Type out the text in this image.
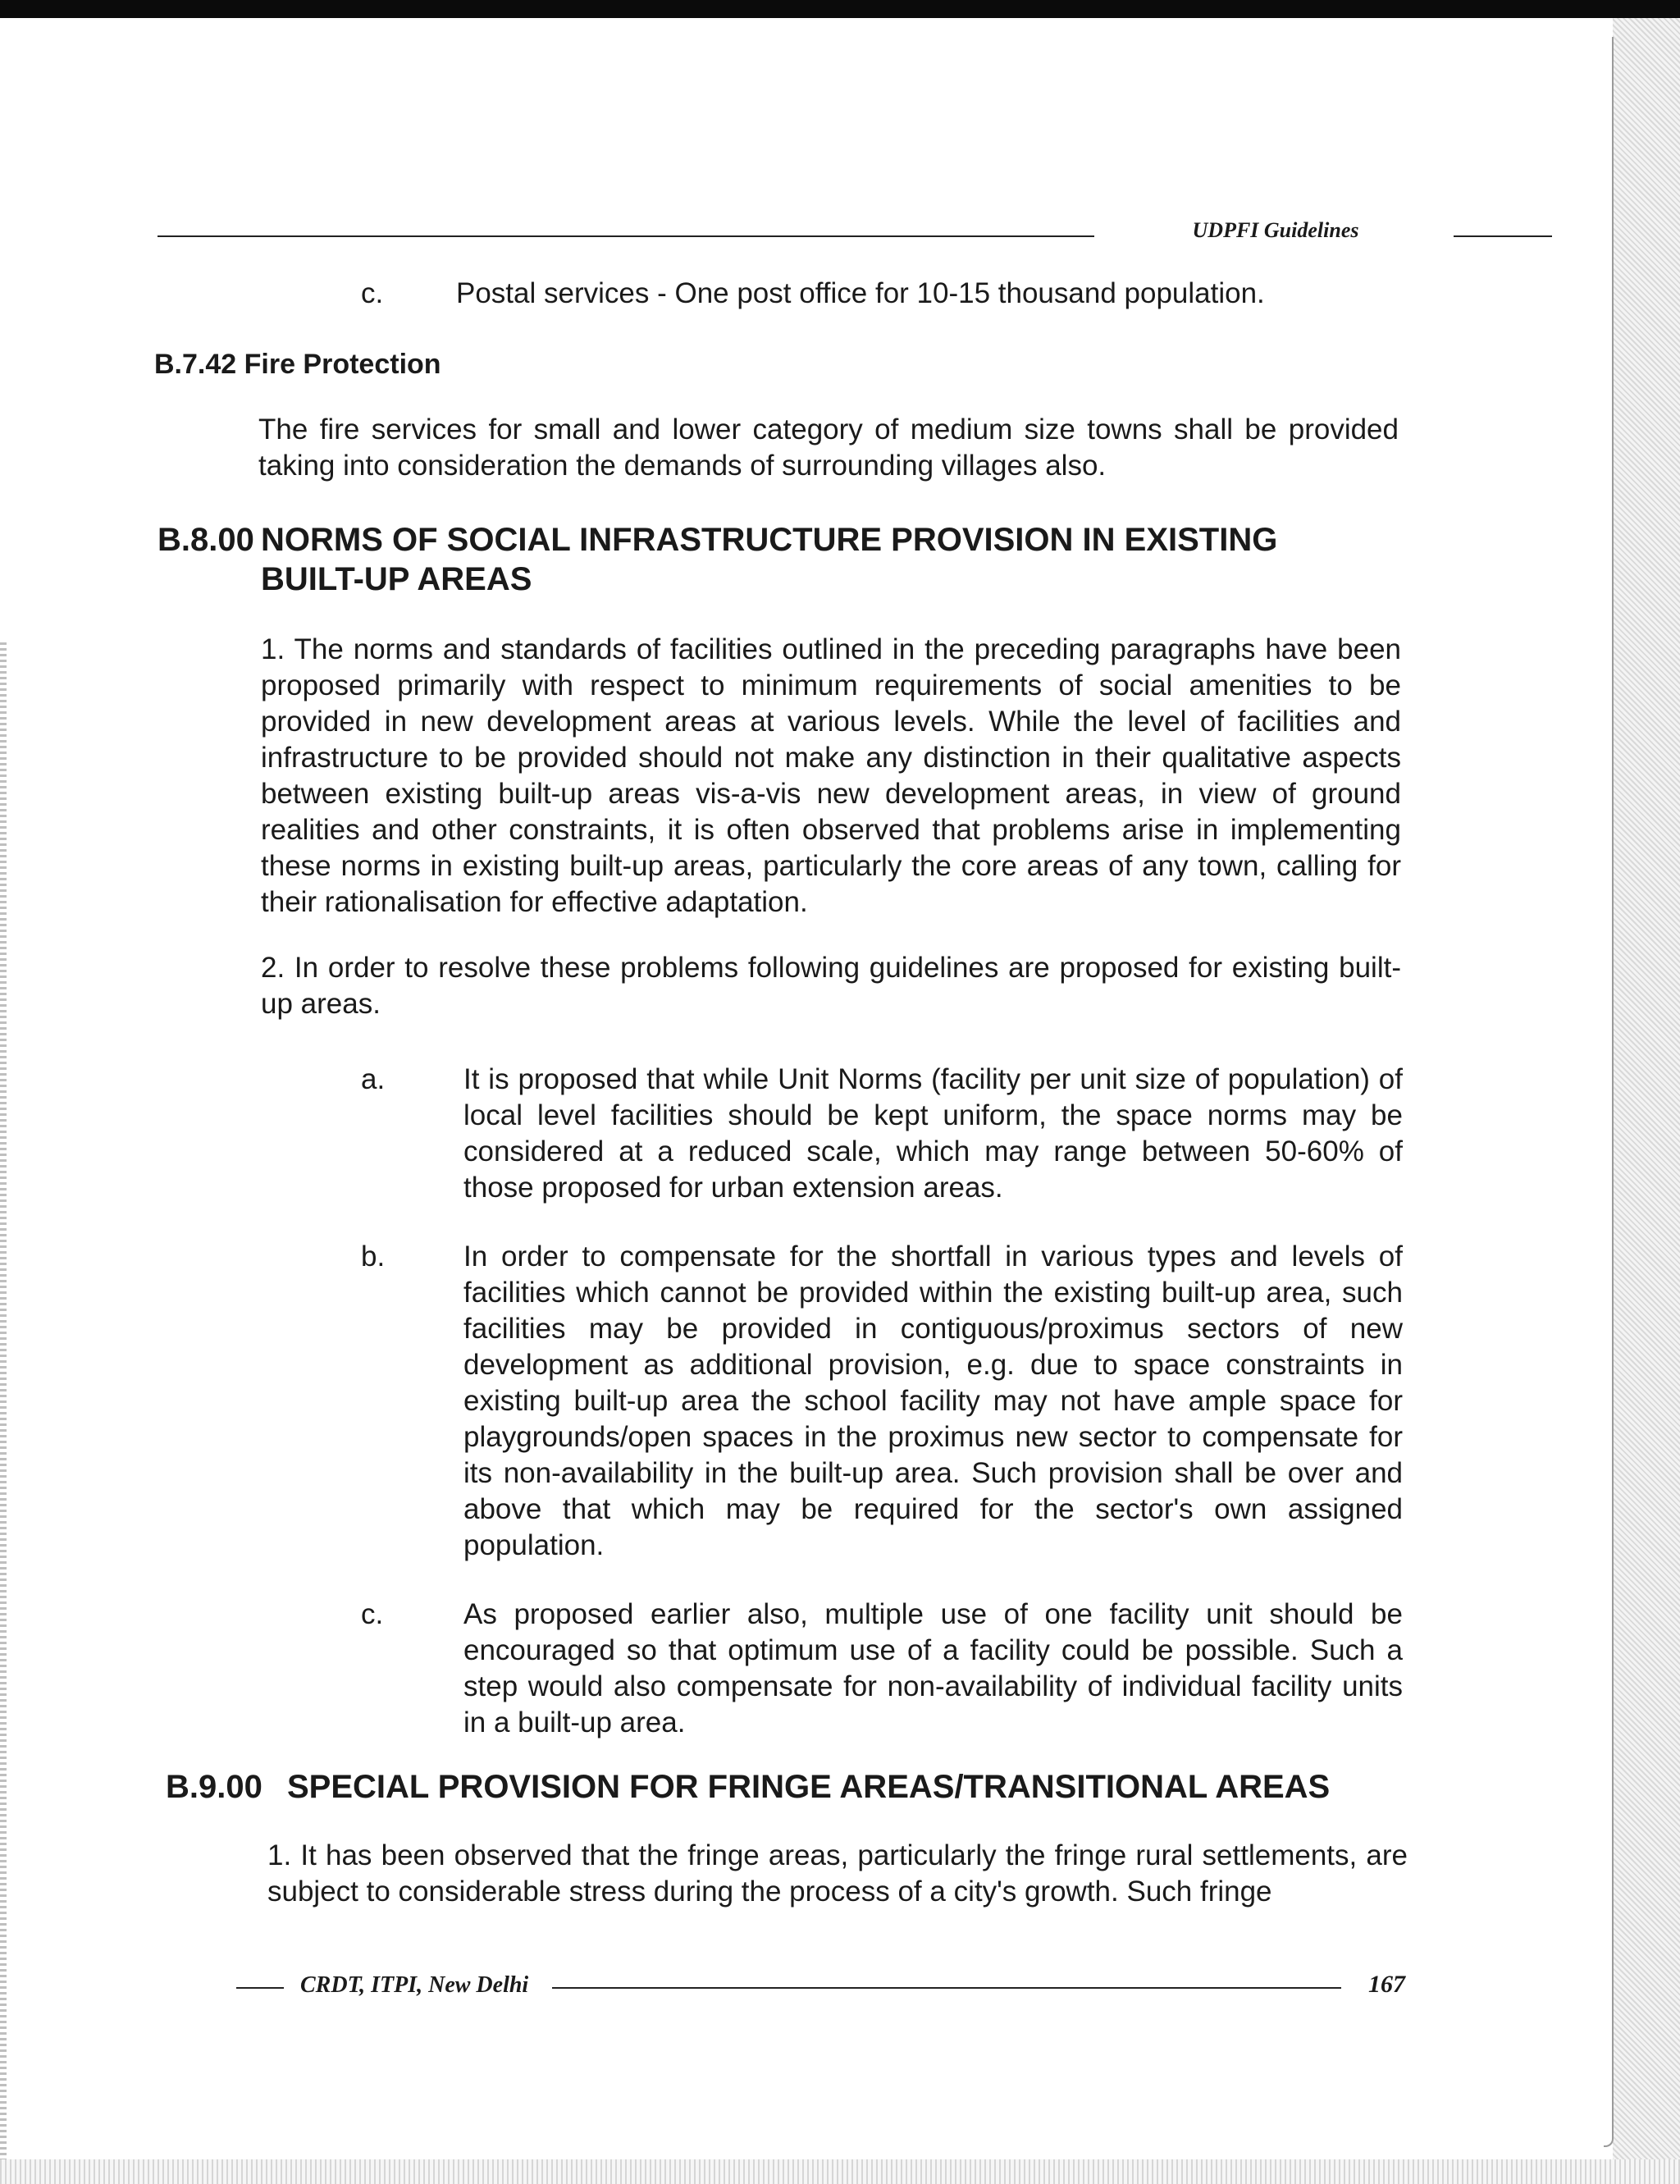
UDPFI Guidelines
c.	Postal services - One post office for 10-15 thousand population.
B.7.42 Fire Protection
The fire services for small and lower category of medium size towns shall be provided taking into consideration the demands of surrounding villages also.
B.8.00 NORMS OF SOCIAL INFRASTRUCTURE PROVISION IN EXISTING
BUILT-UP AREAS
1. The norms and standards of facilities outlined in the preceding paragraphs have been proposed primarily with respect to minimum requirements of social amenities to be provided in new development areas at various levels. While the level of facilities and infrastructure to be provided should not make any distinction in their qualitative aspects between existing built-up areas vis-a-vis new development areas, in view of ground realities and other constraints, it is often observed that problems arise in implementing these norms in existing built-up areas, particularly the core areas of any town, calling for their rationalisation for effective adaptation.
2. In order to resolve these problems following guidelines are proposed for existing built-up areas.
a.	It is proposed that while Unit Norms (facility per unit size of population) of local level facilities should be kept uniform, the space norms may be considered at a reduced scale, which may range between 50-60% of those proposed for urban extension areas.
b.	In order to compensate for the shortfall in various types and levels of facilities which cannot be provided within the existing built-up area, such facilities may be provided in contiguous/proximus sectors of new development as additional provision, e.g. due to space constraints in existing built-up area the school facility may not have ample space for playgrounds/open spaces in the proximus new sector to compensate for its non-availability in the built-up area. Such provision shall be over and above that which may be required for the sector's own assigned population.
c.	As proposed earlier also, multiple use of one facility unit should be encouraged so that optimum use of a facility could be possible. Such a step would also compensate for non-availability of individual facility units in a built-up area.
B.9.00 SPECIAL PROVISION FOR FRINGE AREAS/TRANSITIONAL AREAS
1. It has been observed that the fringe areas, particularly the fringe rural settlements, are subject to considerable stress during the process of a city's growth. Such fringe
CRDT, ITPI, New Delhi	167
